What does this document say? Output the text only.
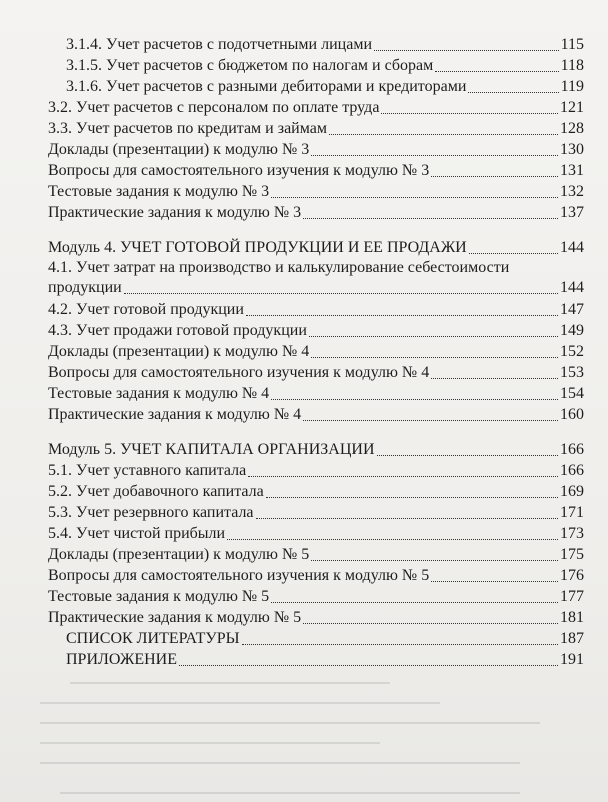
3.1.4. Учет расчетов с подотчетными лицами	115
3.1.5. Учет расчетов с бюджетом по налогам и сборам	118
3.1.6. Учет расчетов с разными дебиторами и кредиторами	119
3.2. Учет расчетов с персоналом по оплате труда	121
3.3. Учет расчетов по кредитам и займам	128
Доклады (презентации) к модулю № 3	130
Вопросы для самостоятельного изучения к модулю № 3	131
Тестовые задания к модулю № 3	132
Практические задания к модулю № 3	137
Модуль 4. УЧЕТ ГОТОВОЙ ПРОДУКЦИИ И ЕЕ ПРОДАЖИ	144
4.1. Учет затрат на производство и калькулирование себестоимости
продукции	144
4.2. Учет готовой продукции	147
4.3. Учет продажи готовой продукции	149
Доклады (презентации) к модулю № 4	152
Вопросы для самостоятельного изучения к модулю № 4	153
Тестовые задания к модулю № 4	154
Практические задания к модулю № 4	160
Модуль 5. УЧЕТ КАПИТАЛА ОРГАНИЗАЦИИ	166
5.1. Учет уставного капитала	166
5.2. Учет добавочного капитала	169
5.3. Учет резервного капитала	171
5.4. Учет чистой прибыли	173
Доклады (презентации) к модулю № 5	175
Вопросы для самостоятельного изучения к модулю № 5	176
Тестовые задания к модулю № 5	177
Практические задания к модулю № 5	181
СПИСОК ЛИТЕРАТУРЫ	187
ПРИЛОЖЕНИЕ	191
